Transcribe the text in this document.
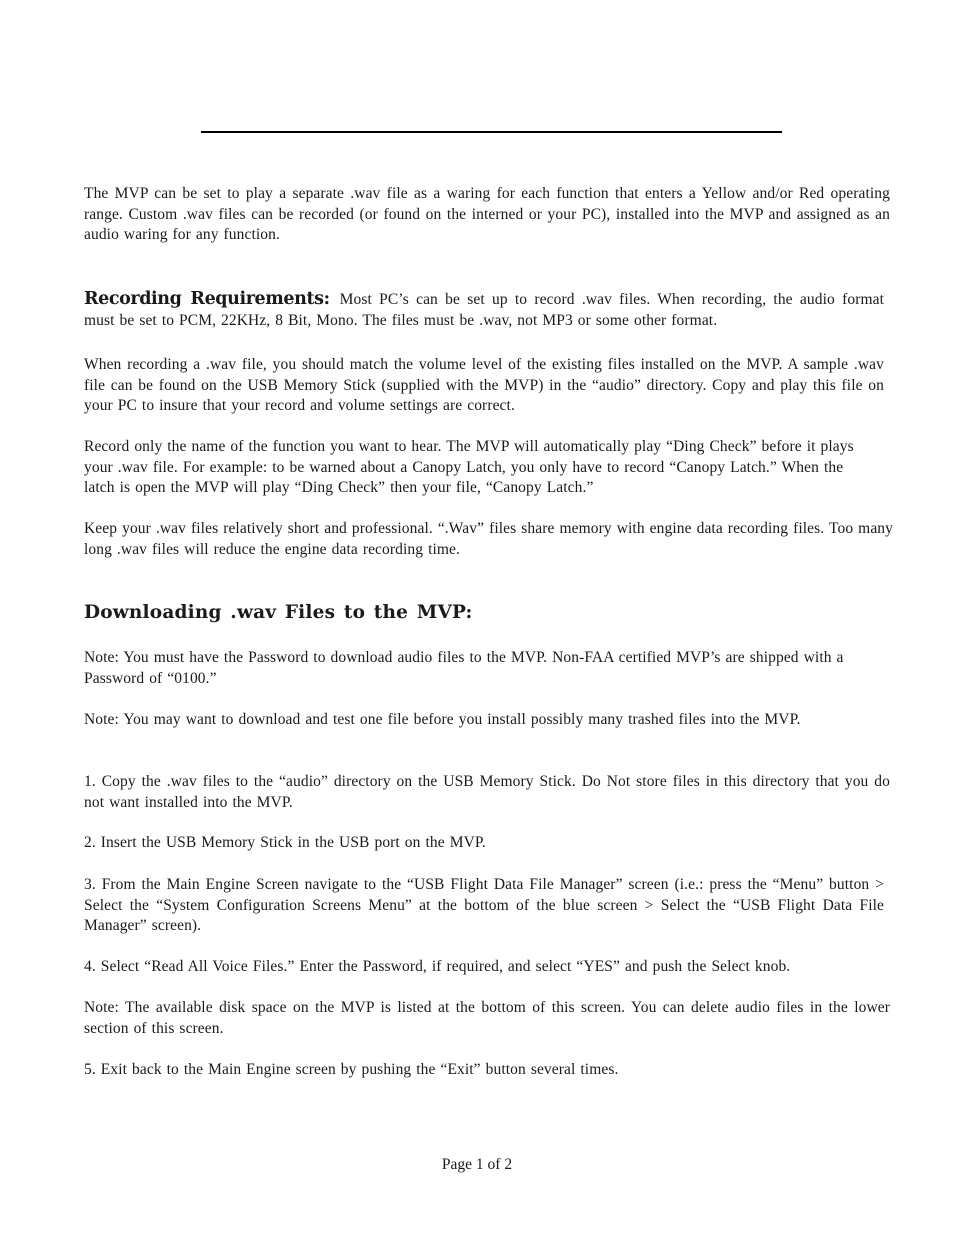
The MVP can be set to play a separate .wav file as a waring for each function that enters a Yellow and/or Red operating range. Custom .wav files can be recorded (or found on the interned or your PC), installed into the MVP and assigned as an audio waring for any function.

Recording Requirements: Most PC’s can be set up to record .wav files. When recording, the audio format must be set to PCM, 22KHz, 8 Bit, Mono. The files must be .wav, not MP3 or some other format.

When recording a .wav file, you should match the volume level of the existing files installed on the MVP. A sample .wav file can be found on the USB Memory Stick (supplied with the MVP) in the “audio” directory. Copy and play this file on your PC to insure that your record and volume settings are correct.

Record only the name of the function you want to hear. The MVP will automatically play “Ding Check” before it plays your .wav file. For example: to be warned about a Canopy Latch, you only have to record “Canopy Latch.” When the latch is open the MVP will play “Ding Check” then your file, “Canopy Latch.”

Keep your .wav files relatively short and professional. “.Wav” files share memory with engine data recording files. Too many long .wav files will reduce the engine data recording time.

Downloading .wav Files to the MVP:

Note: You must have the Password to download audio files to the MVP. Non-FAA certified MVP’s are shipped with a Password of “0100.”

Note: You may want to download and test one file before you install possibly many trashed files into the MVP.

1. Copy the .wav files to the “audio” directory on the USB Memory Stick. Do Not store files in this directory that you do not want installed into the MVP.

2. Insert the USB Memory Stick in the USB port on the MVP.

3. From the Main Engine Screen navigate to the “USB Flight Data File Manager” screen (i.e.: press the “Menu” button > Select the “System Configuration Screens Menu” at the bottom of the blue screen > Select the “USB Flight Data File Manager” screen).

4. Select “Read All Voice Files.” Enter the Password, if required, and select “YES” and push the Select knob.

Note: The available disk space on the MVP is listed at the bottom of this screen. You can delete audio files in the lower section of this screen.

5. Exit back to the Main Engine screen by pushing the “Exit” button several times.

Page 1 of 2
